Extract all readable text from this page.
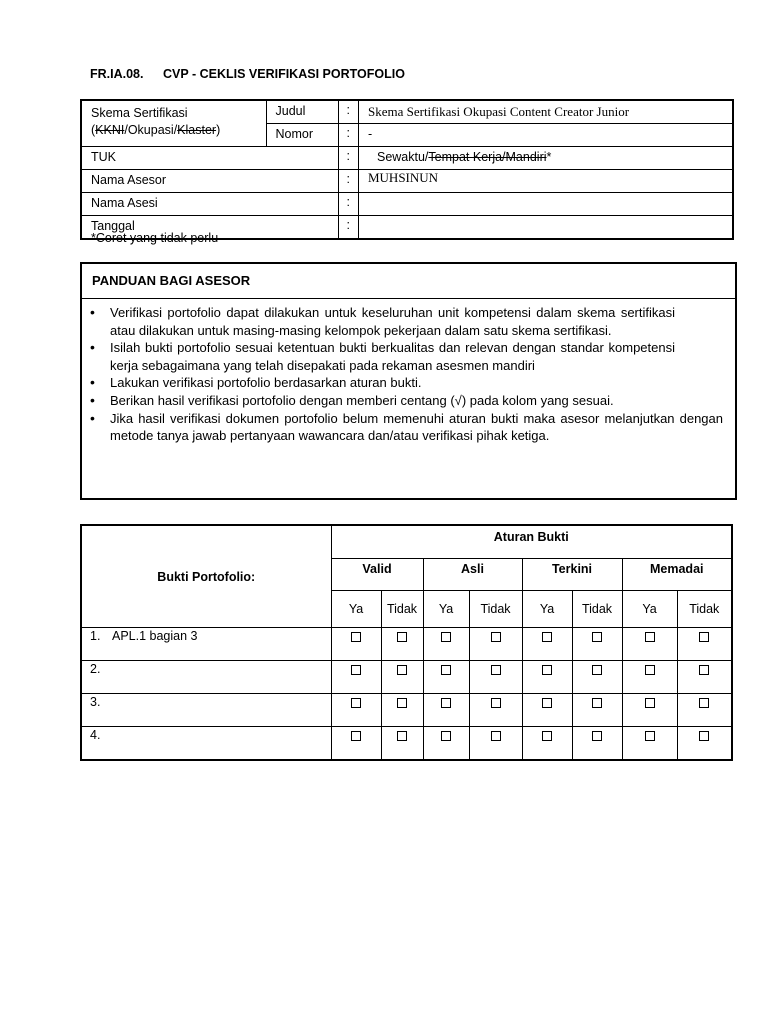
FR.IA.08. CVP - CEKLIS VERIFIKASI PORTOFOLIO
Skema Sertifikasi
(KKNI/Okupasi/Klaster)	Judul	:	Skema Sertifikasi Okupasi Content Creator Junior
	Nomor	:	-
TUK		:	Sewaktu/Tempat Kerja/Mandiri*
Nama Asesor		:	MUHSINUN
Nama Asesi		:	
Tanggal		:	
*Coret yang tidak perlu
PANDUAN BAGI ASESOR
• Verifikasi portofolio dapat dilakukan untuk keseluruhan unit kompetensi dalam skema sertifikasi atau dilakukan untuk masing-masing kelompok pekerjaan dalam satu skema sertifikasi.
• Isilah bukti portofolio sesuai ketentuan bukti berkualitas dan relevan dengan standar kompetensi kerja sebagaimana yang telah disepakati pada rekaman asesmen mandiri
• Lakukan verifikasi portofolio berdasarkan aturan bukti.
• Berikan hasil verifikasi portofolio dengan memberi centang (√) pada kolom yang sesuai.
• Jika hasil verifikasi dokumen portofolio belum memenuhi aturan bukti maka asesor melanjutkan dengan metode tanya jawab pertanyaan wawancara dan/atau verifikasi pihak ketiga.
Bukti Portofolio:	Aturan Bukti							
	Valid		Asli		Terkini		Memadai	
	Ya	Tidak	Ya	Tidak	Ya	Tidak	Ya	Tidak
1. APL.1 bagian 3								
2.								
3.								
4.								
